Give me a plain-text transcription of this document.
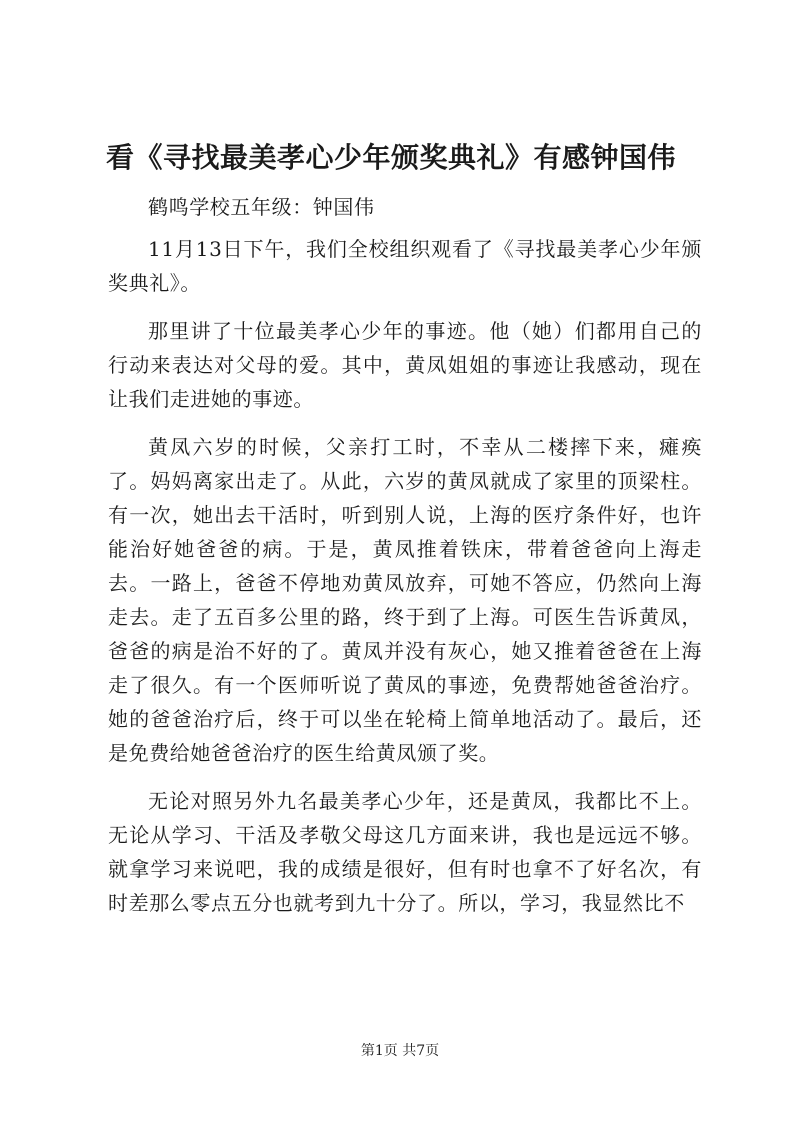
看《寻找最美孝心少年颁奖典礼》有感钟国伟

鹤鸣学校五年级：钟国伟

11月13日下午，我们全校组织观看了《寻找最美孝心少年颁奖典礼》。

那里讲了十位最美孝心少年的事迹。他（她）们都用自己的行动来表达对父母的爱。其中，黄凤姐姐的事迹让我感动，现在让我们走进她的事迹。

黄凤六岁的时候，父亲打工时，不幸从二楼摔下来，瘫痪了。妈妈离家出走了。从此，六岁的黄凤就成了家里的顶梁柱。有一次，她出去干活时，听到别人说，上海的医疗条件好，也许能治好她爸爸的病。于是，黄凤推着铁床，带着爸爸向上海走去。一路上，爸爸不停地劝黄凤放弃，可她不答应，仍然向上海走去。走了五百多公里的路，终于到了上海。可医生告诉黄凤，爸爸的病是治不好的了。黄凤并没有灰心，她又推着爸爸在上海走了很久。有一个医师听说了黄凤的事迹，免费帮她爸爸治疗。她的爸爸治疗后，终于可以坐在轮椅上简单地活动了。最后，还是免费给她爸爸治疗的医生给黄凤颁了奖。

无论对照另外九名最美孝心少年，还是黄凤，我都比不上。无论从学习、干活及孝敬父母这几方面来讲，我也是远远不够。就拿学习来说吧，我的成绩是很好，但有时也拿不了好名次，有时差那么零点五分也就考到九十分了。所以，学习，我显然比不

第1页 共7页
